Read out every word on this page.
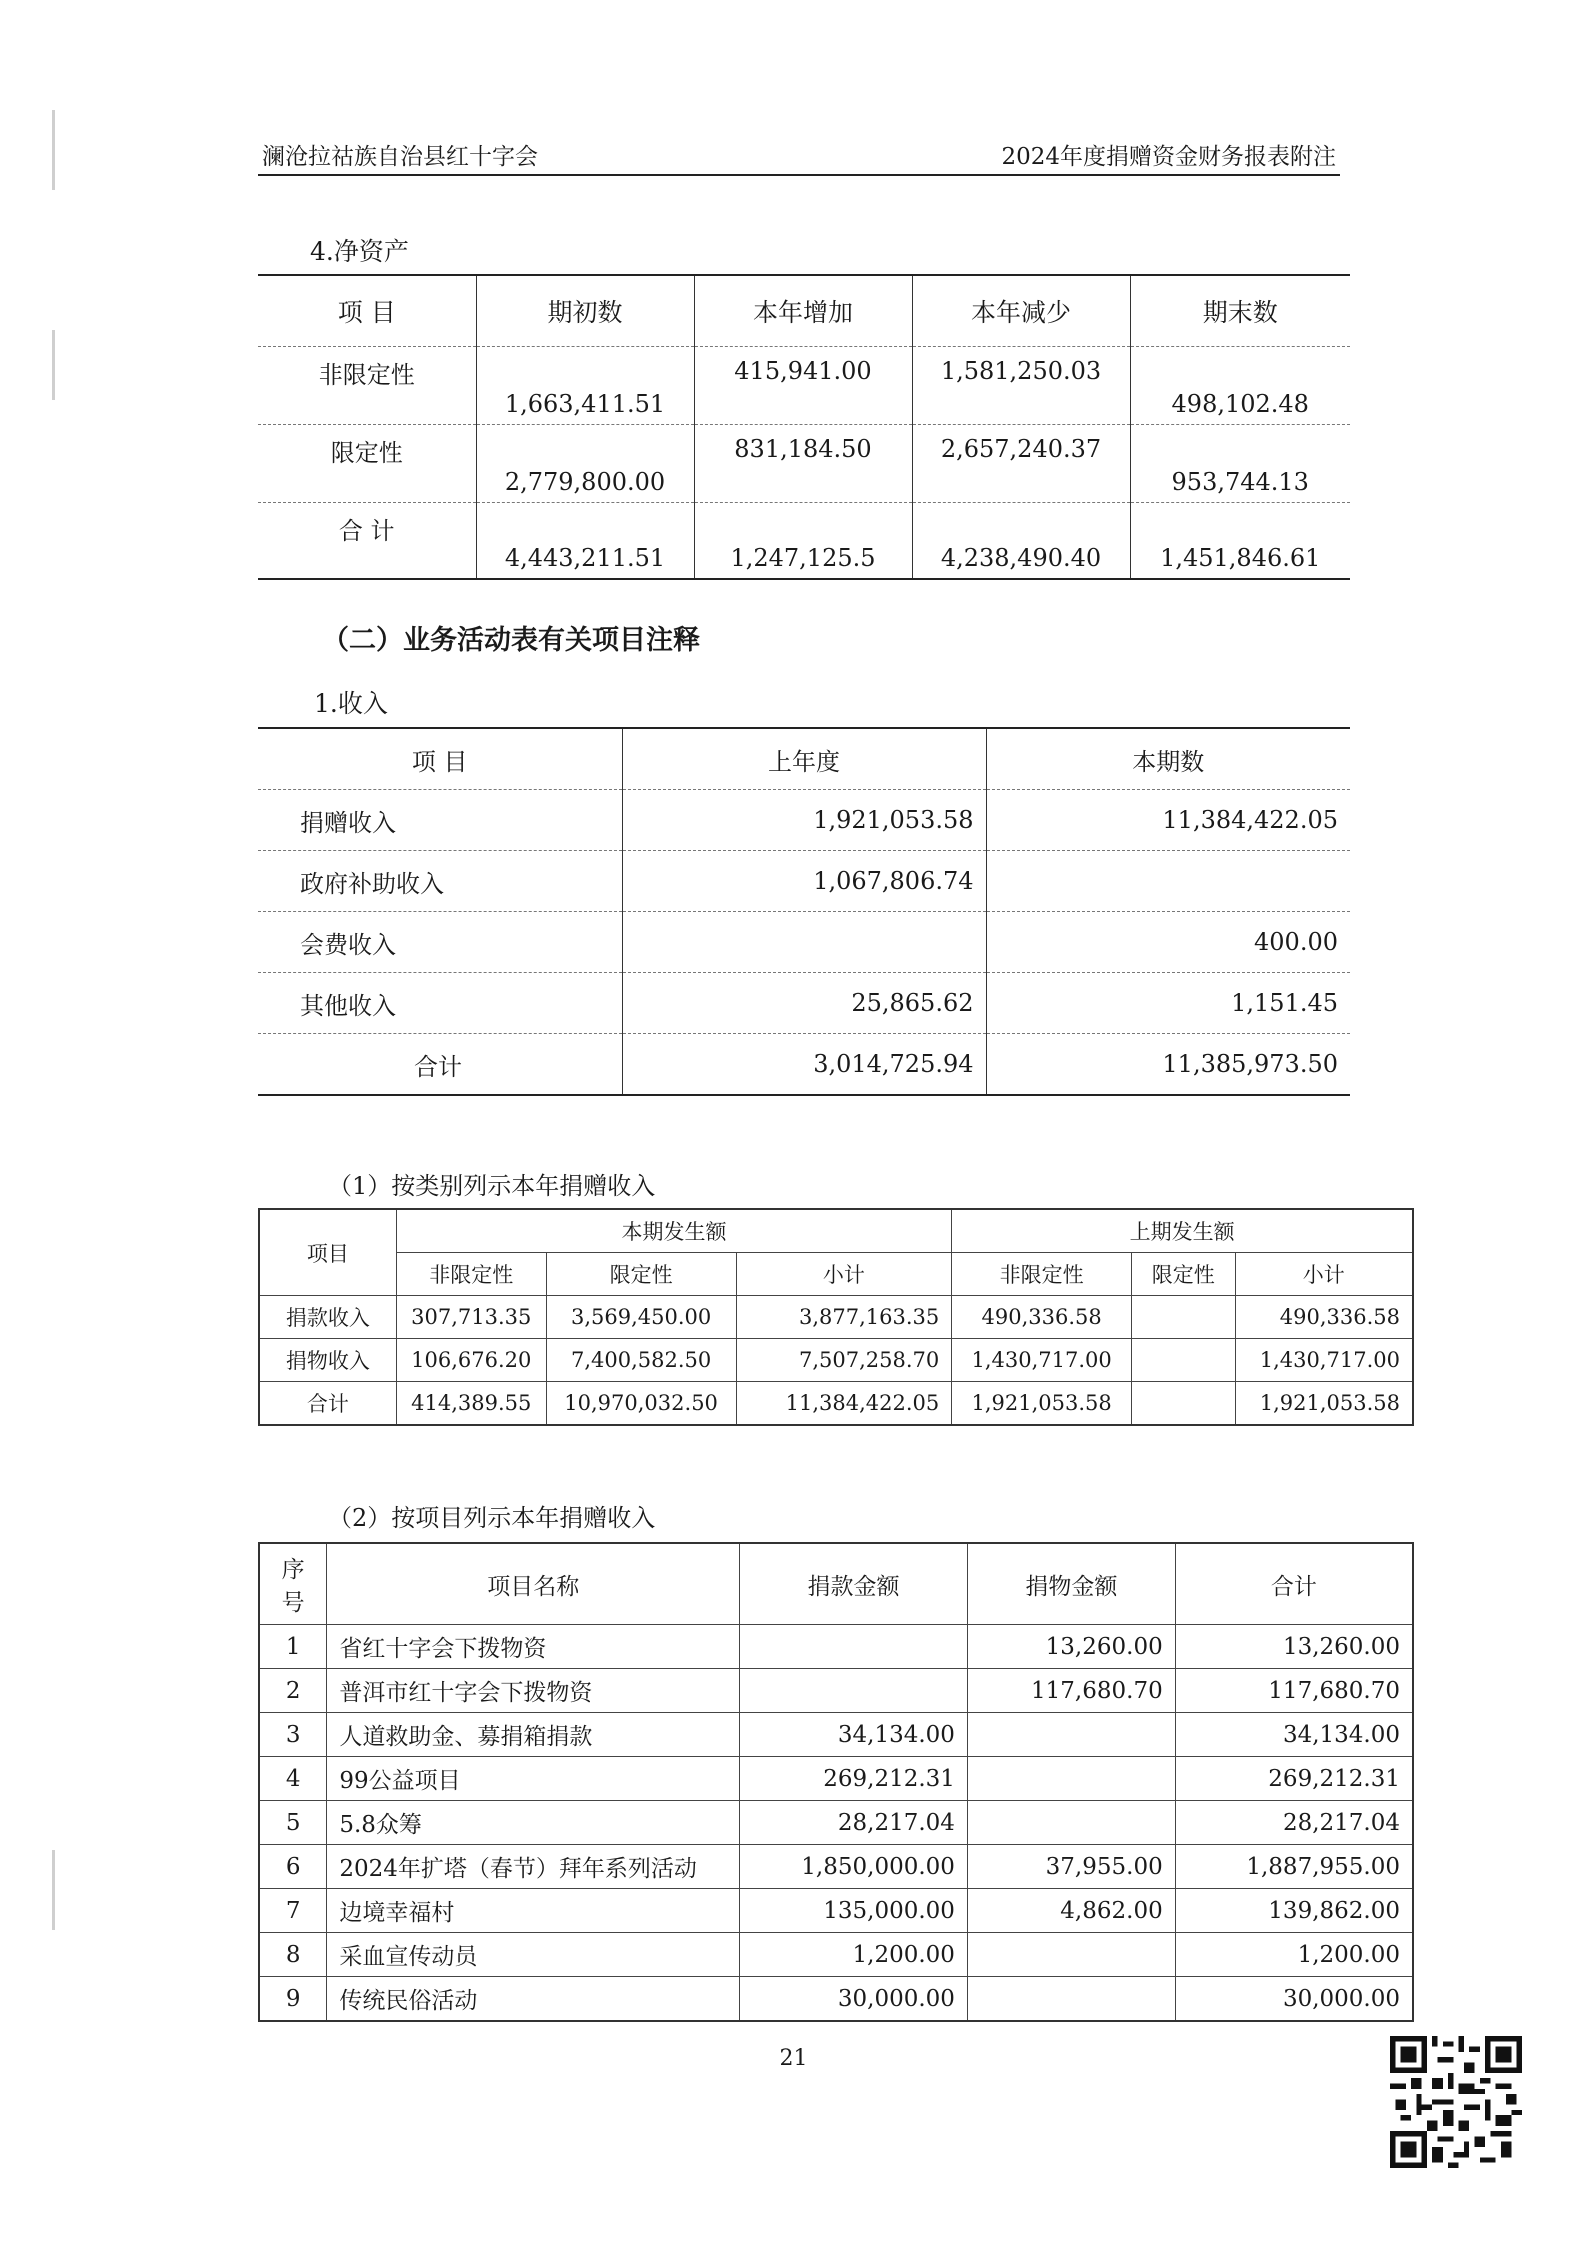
澜沧拉祜族自治县红十字会	2024年度捐赠资金财务报表附注
4.净资产
项 目	期初数	本年增加	本年减少	期末数
非限定性	1,663,411.51	415,941.00	1,581,250.03	498,102.48
限定性	2,779,800.00	831,184.50	2,657,240.37	953,744.13
合 计	4,443,211.51	1,247,125.5	4,238,490.40	1,451,846.61
（二）业务活动表有关项目注释
1.收入
项 目	上年度	本期数
捐赠收入	1,921,053.58	11,384,422.05
政府补助收入	1,067,806.74	
会费收入		400.00
其他收入	25,865.62	1,151.45
合计	3,014,725.94	11,385,973.50
（1）按类别列示本年捐赠收入
项目	本期发生额			上期发生额		
	非限定性	限定性	小计	非限定性	限定性	小计
捐款收入	307,713.35	3,569,450.00	3,877,163.35	490,336.58		490,336.58
捐物收入	106,676.20	7,400,582.50	7,507,258.70	1,430,717.00		1,430,717.00
合计	414,389.55	10,970,032.50	11,384,422.05	1,921,053.58		1,921,053.58
（2）按项目列示本年捐赠收入
序
号	项目名称	捐款金额	捐物金额	合计
1	省红十字会下拨物资		13,260.00	13,260.00
2	普洱市红十字会下拨物资		117,680.70	117,680.70
3	人道救助金、募捐箱捐款	34,134.00		34,134.00
4	99公益项目	269,212.31		269,212.31
5	5.8众筹	28,217.04		28,217.04
6	2024年扩塔（春节）拜年系列活动	1,850,000.00	37,955.00	1,887,955.00
7	边境幸福村	135,000.00	4,862.00	139,862.00
8	采血宣传动员	1,200.00		1,200.00
9	传统民俗活动	30,000.00		30,000.00
21
